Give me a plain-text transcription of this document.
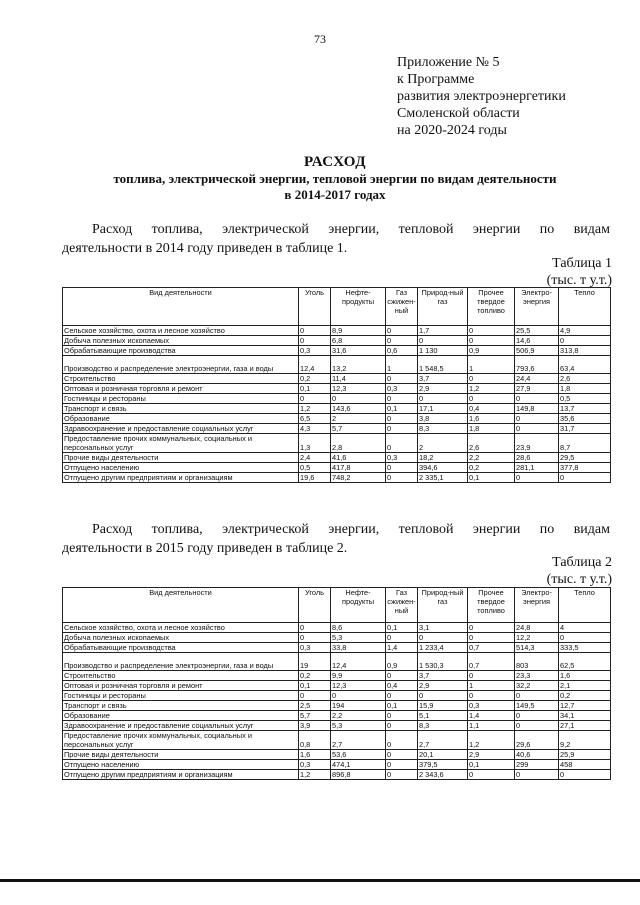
73
Приложение № 5
к Программе
развития электроэнергетики
Смоленской области
на 2020-2024 годы
РАСХОД
топлива, электрической энергии, тепловой энергии по видам деятельности
в 2014-2017 годах
Расход топлива, электрической энергии, тепловой энергии по видам
деятельности в 2014 году приведен в таблице 1.
Таблица 1
(тыс. т у.т.)
Вид деятельности	Уголь	Нефте-продукты	Газ сжижен-ный	Природ-ный газ	Прочее твердое топливо	Электро-энергия	Тепло
Сельское хозяйство, охота и лесное хозяйство	0	8,9	0	1,7	0	25,5	4,9
Добыча полезных ископаемых	0	6,8	0	0	0	14,6	0
Обрабатывающие производства	0,3	31,6	0,6	1 130	0,9	506,9	313,8
Производство и распределение электроэнергии, газа и воды	12,4	13,2	1	1 548,5	1	793,6	63,4
Строительство	0,2	11,4	0	3,7	0	24,4	2,6
Оптовая и розничная торговля и ремонт	0,1	12,3	0,3	2,9	1,2	27,9	1,8
Гостиницы и рестораны	0	0	0	0	0	0	0,5
Транспорт и связь	1,2	143,6	0,1	17,1	0,4	149,8	13,7
Образование	6,5	2	0	3,8	1,6	0	35,6
Здравоохранение и предоставление социальных услуг	4,3	5,7	0	8,3	1,8	0	31,7
Предоставление прочих коммунальных, социальных и персональных услуг	1,3	2,8	0	2	2,6	23,9	8,7
Прочие виды деятельности	2,4	41,6	0,3	18,2	2,2	28,6	29,5
Отпущено населению	0,5	417,8	0	394,6	0,2	281,1	377,8
Отпущено другим предприятиям и организациям	19,6	748,2	0	2 335,1	0,1	0	0
Расход топлива, электрической энергии, тепловой энергии по видам
деятельности в 2015 году приведен в таблице 2.
Таблица 2
(тыс. т у.т.)
Вид деятельности	Уголь	Нефте-продукты	Газ сжижен-ный	Природ-ный газ	Прочее твердое топливо	Электро-энергия	Тепло
Сельское хозяйство, охота и лесное хозяйство	0	8,6	0,1	3,1	0	24,8	4
Добыча полезных ископаемых	0	5,3	0	0	0	12,2	0
Обрабатывающие производства	0,3	33,8	1,4	1 233,4	0,7	514,3	333,5
Производство и распределение электроэнергии, газа и воды	19	12,4	0,9	1 530,3	0,7	803	62,5
Строительство	0,2	9,9	0	3,7	0	23,3	1,6
Оптовая и розничная торговля и ремонт	0,1	12,3	0,4	2,9	1	32,2	2,1
Гостиницы и рестораны	0	0	0	0	0	0	0,2
Транспорт и связь	2,5	194	0,1	15,9	0,3	149,5	12,7
Образование	5,7	2,2	0	5,1	1,4	0	34,1
Здравоохранение и предоставление социальных услуг	3,9	5,3	0	8,3	1,1	0	27,1
Предоставление прочих коммунальных, социальных и персональных услуг	0,8	2,7	0	2,7	1,2	29,6	9,2
Прочие виды деятельности	1,6	53,6	0	20,1	2,9	40,6	25,9
Отпущено населению	0,3	474,1	0	379,5	0,1	299	458
Отпущено другим предприятиям и организациям	1,2	896,8	0	2 343,6	0	0	0
